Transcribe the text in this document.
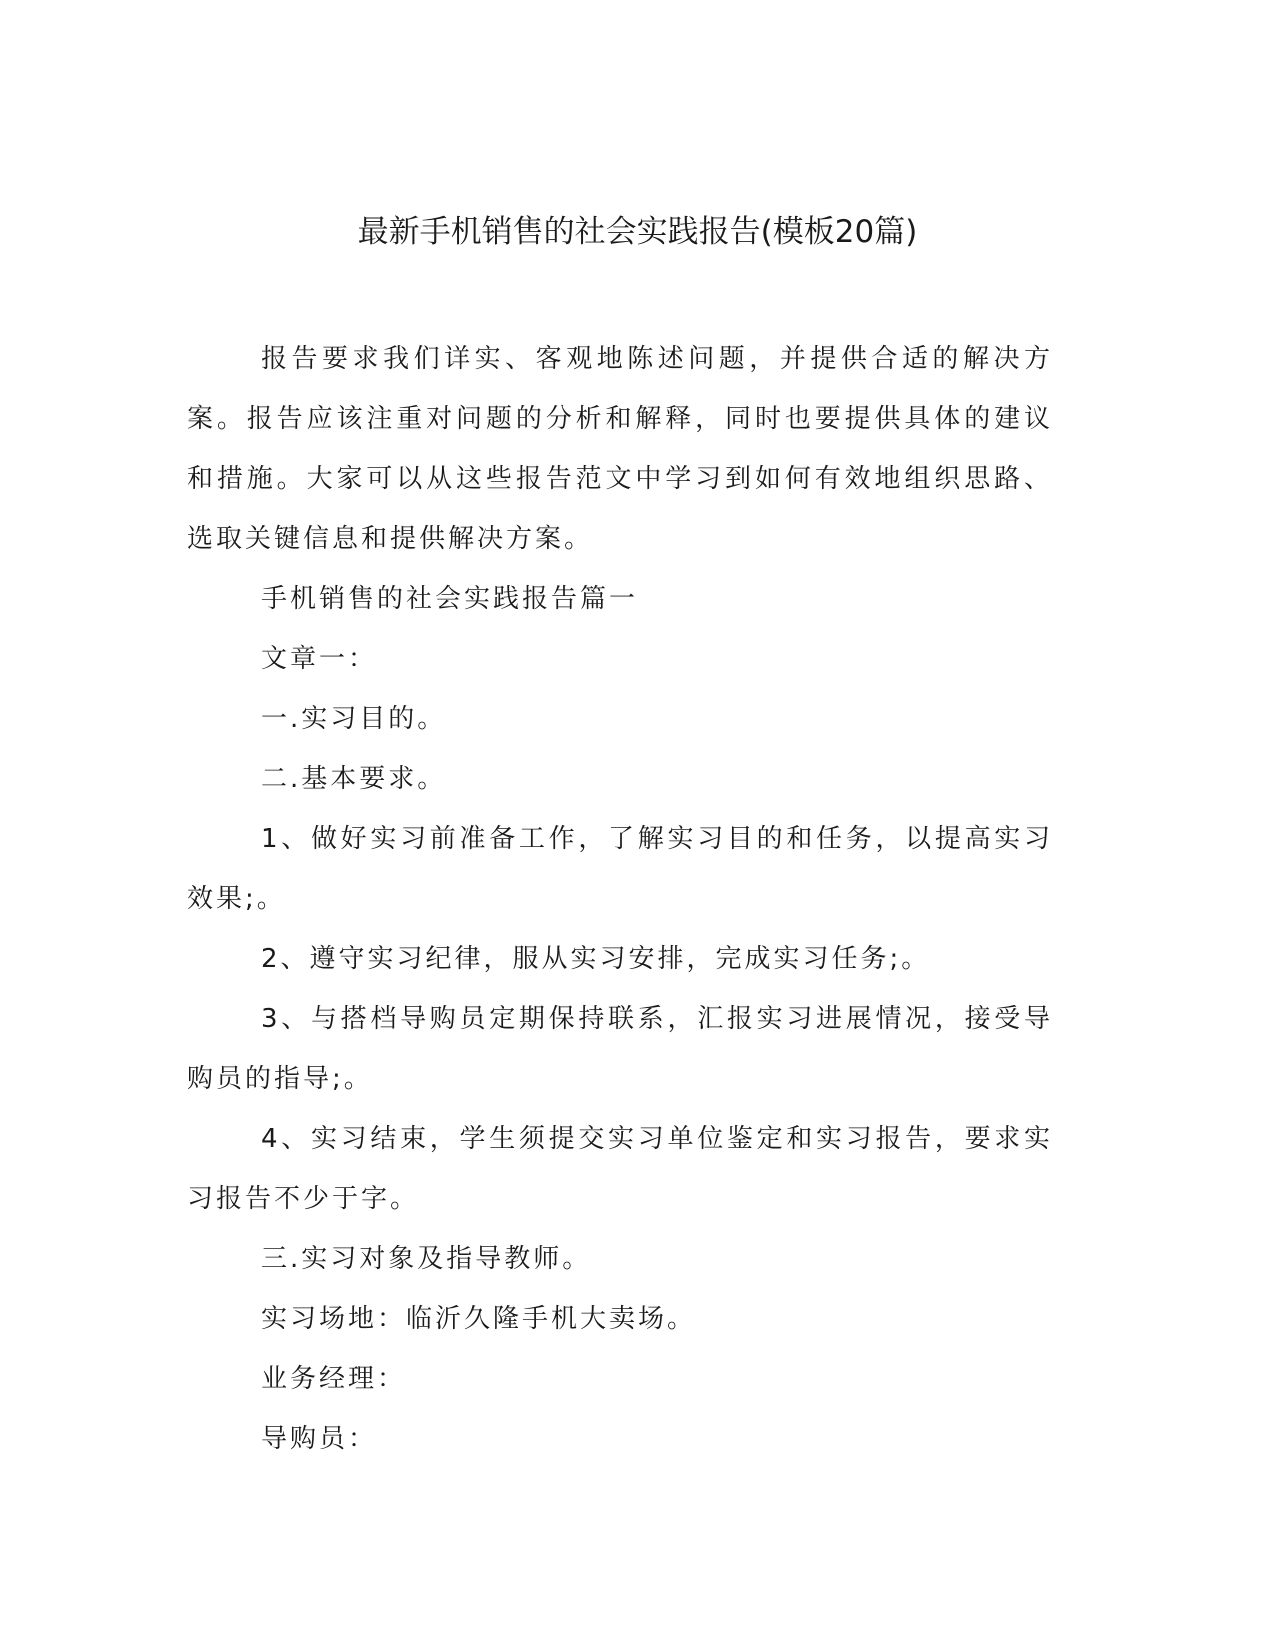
最新手机销售的社会实践报告(模板20篇)

报告要求我们详实、客观地陈述问题，并提供合适的解决方案。报告应该注重对问题的分析和解释，同时也要提供具体的建议和措施。大家可以从这些报告范文中学习到如何有效地组织思路、选取关键信息和提供解决方案。

手机销售的社会实践报告篇一

文章一：

一.实习目的。

二.基本要求。

1、做好实习前准备工作，了解实习目的和任务，以提高实习效果;。

2、遵守实习纪律，服从实习安排，完成实习任务;。

3、与搭档导购员定期保持联系，汇报实习进展情况，接受导购员的指导;。

4、实习结束，学生须提交实习单位鉴定和实习报告，要求实习报告不少于字。

三.实习对象及指导教师。

实习场地：临沂久隆手机大卖场。

业务经理：

导购员：
